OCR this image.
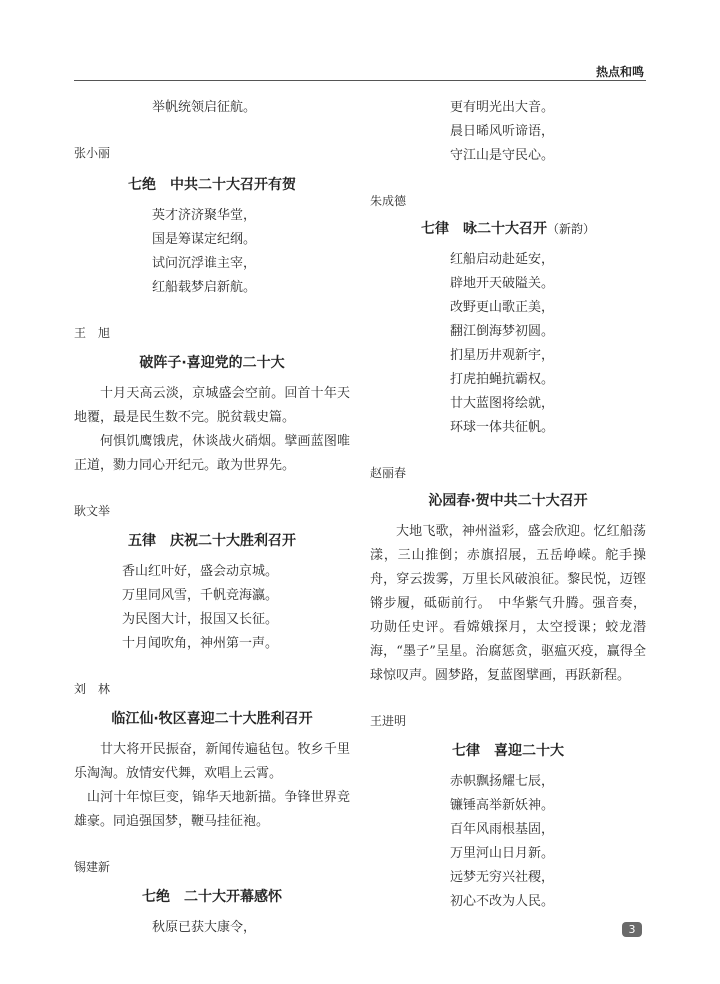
热点和鸣
举帆统领启征航。
张小丽
七绝　中共二十大召开有贺
英才济济聚华堂，
国是筹谋定纪纲。
试问沉浮谁主宰，
红船载梦启新航。
王　旭
破阵子·喜迎党的二十大
十月天高云淡，京城盛会空前。回首十年天地覆，最是民生数不完。脱贫载史篇。
何惧饥鹰饿虎，休谈战火硝烟。擘画蓝图唯正道，勠力同心开纪元。敢为世界先。
耿文举
五律　庆祝二十大胜利召开
香山红叶好，盛会动京城。
万里同风雪，千帆竞海瀛。
为民图大计，报国又长征。
十月闻吹角，神州第一声。
刘　林
临江仙·牧区喜迎二十大胜利召开
廿大将开民振奋，新闻传遍毡包。牧乡千里乐淘淘。放情安代舞，欢唱上云霄。
山河十年惊巨变，锦华天地新描。争锋世界竞雄豪。同追强国梦，鞭马挂征袍。
锡建新
七绝　二十大开幕感怀
秋原已获大康令，
更有明光出大音。
晨日晞风听谛语，
守江山是守民心。
朱成德
七律　咏二十大召开（新韵）
红船启动赴延安，
辟地开天破隘关。
改野更山歌正美，
翻江倒海梦初圆。
扪星历井观新宇，
打虎拍蝇抗霸权。
廿大蓝图将绘就，
环球一体共征帆。
赵丽春
沁园春·贺中共二十大召开
大地飞歌，神州溢彩，盛会欣迎。忆红船荡漾，三山推倒；赤旗招展，五岳峥嵘。舵手操舟，穿云拨雾，万里长风破浪征。黎民悦，迈铿锵步履，砥砺前行。　中华紫气升腾。强音奏，功勋任史评。看嫦娥探月，太空授课；蛟龙潜海，“墨子”呈星。治腐惩贪，驱瘟灭疫，赢得全球惊叹声。圆梦路，复蓝图擘画，再跃新程。
王进明
七律　喜迎二十大
赤帜飘扬耀七辰，
镰锤高举新妖神。
百年风雨根基固，
万里河山日月新。
远梦无穷兴社稷，
初心不改为人民。
3
